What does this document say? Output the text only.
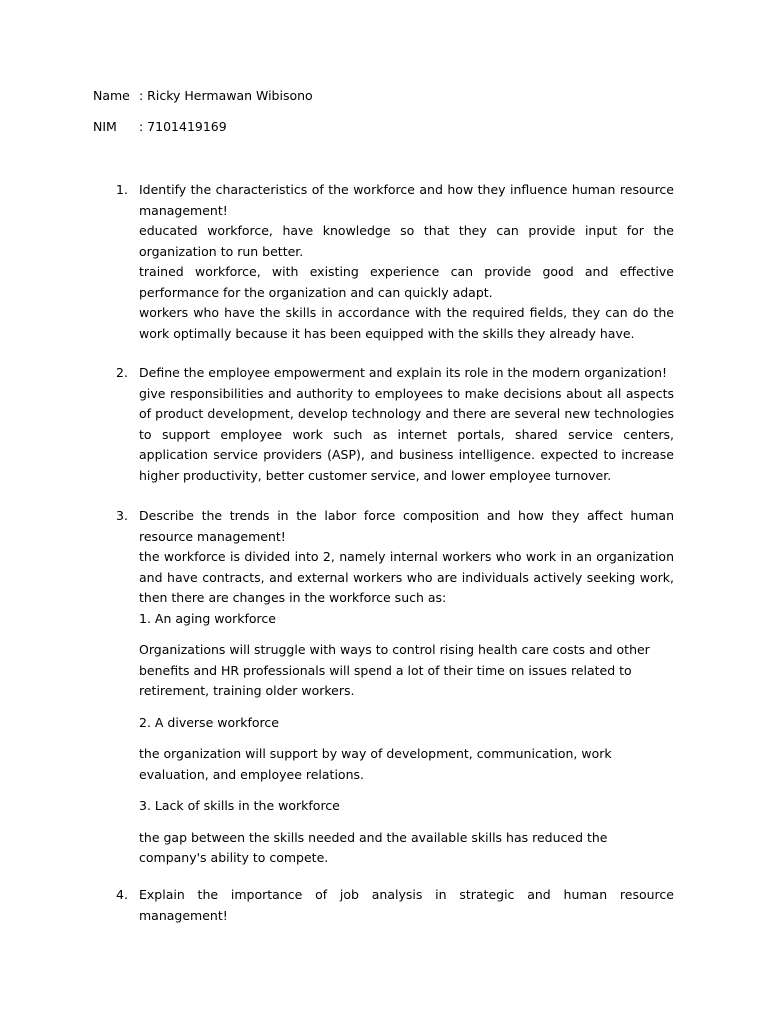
Name : Ricky Hermawan Wibisono
NIM : 7101419169
1. Identify the characteristics of the workforce and how they influence human resource management!

educated workforce, have knowledge so that they can provide input for the organization to run better.

trained workforce, with existing experience can provide good and effective performance for the organization and can quickly adapt.

workers who have the skills in accordance with the required fields, they can do the work optimally because it has been equipped with the skills they already have.

2. Define the employee empowerment and explain its role in the modern organization!

give responsibilities and authority to employees to make decisions about all aspects of product development, develop technology and there are several new technologies to support employee work such as internet portals, shared service centers, application service providers (ASP), and business intelligence. expected to increase higher productivity, better customer service, and lower employee turnover.

3. Describe the trends in the labor force composition and how they affect human resource management!

the workforce is divided into 2, namely internal workers who work in an organization and have contracts, and external workers who are individuals actively seeking work, then there are changes in the workforce such as:

1. An aging workforce

Organizations will struggle with ways to control rising health care costs and other benefits and HR professionals will spend a lot of their time on issues related to retirement, training older workers.

2. A diverse workforce

the organization will support by way of development, communication, work evaluation, and employee relations.

3. Lack of skills in the workforce

the gap between the skills needed and the available skills has reduced the company's ability to compete.

4. Explain the importance of job analysis in strategic and human resource management!
